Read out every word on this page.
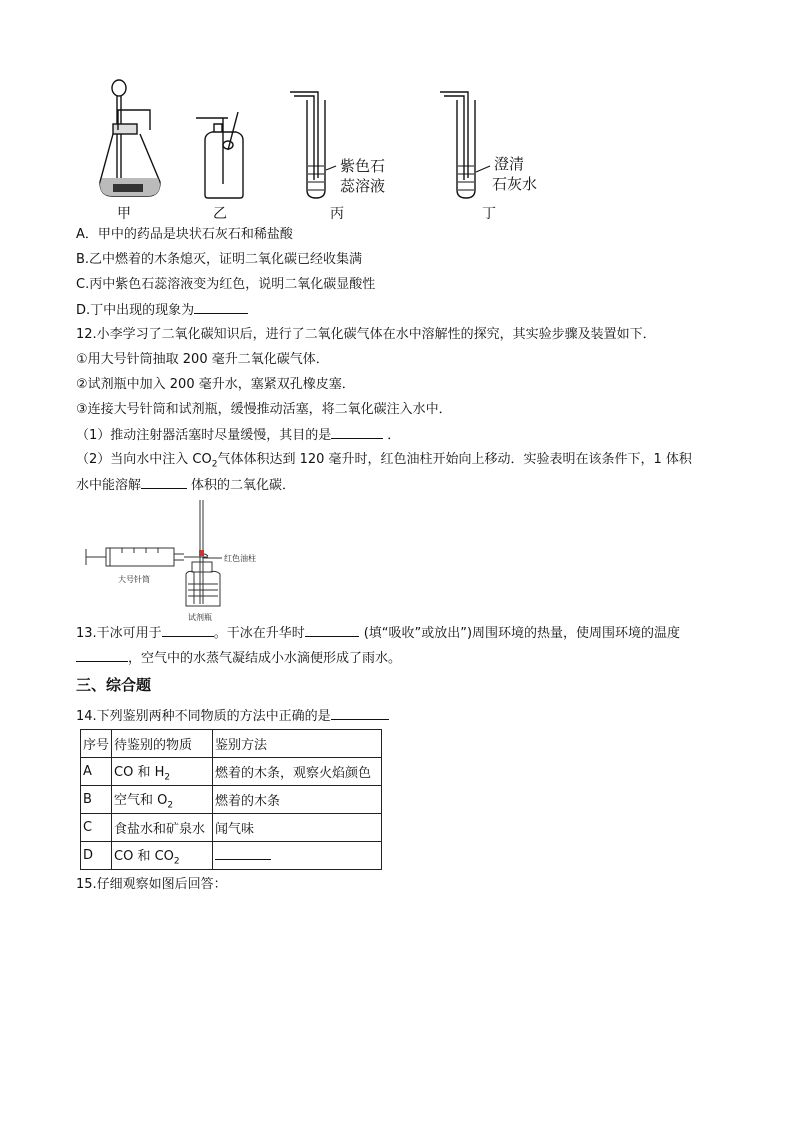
甲	乙	丙	丁
紫色石
蕊溶液
澄清
石灰水
A．甲中的药品是块状石灰石和稀盐酸
B.乙中燃着的木条熄灭，证明二氧化碳已经收集满
C.丙中紫色石蕊溶液变为红色，说明二氧化碳显酸性
D.丁中出现的现象为
12.小李学习了二氧化碳知识后，进行了二氧化碳气体在水中溶解性的探究，其实验步骤及装置如下．
①用大号针筒抽取 200 毫升二氧化碳气体．
②试剂瓶中加入 200 毫升水，塞紧双孔橡皮塞．
③连接大号针筒和试剂瓶，缓慢推动活塞，将二氧化碳注入水中．
（1）推动注射器活塞时尽量缓慢，其目的是	．
（2）当向水中注入 $CO_2$气体体积达到 120 毫升时，红色油柱开始向上移动．实验表明在该条件下，1 体积
水中能溶解	体积的二氧化碳．
大号针筒
红色油柱
试剂瓶
13.干冰可用于	。干冰在升华时	(填“吸收”或放出”)周围环境的热量，使周围环境的温度
，空气中的水蒸气凝结成小水滴便形成了雨水。
三、综合题
14.下列鉴别两种不同物质的方法中正确的是
序号	待鉴别的物质	鉴别方法
A	CO 和 $H_2$	燃着的木条，观察火焰颜色
B	空气和 $O_2$	燃着的木条
C	食盐水和矿泉水	闻气味
D	CO 和 $CO_2$	
15.仔细观察如图后回答：
